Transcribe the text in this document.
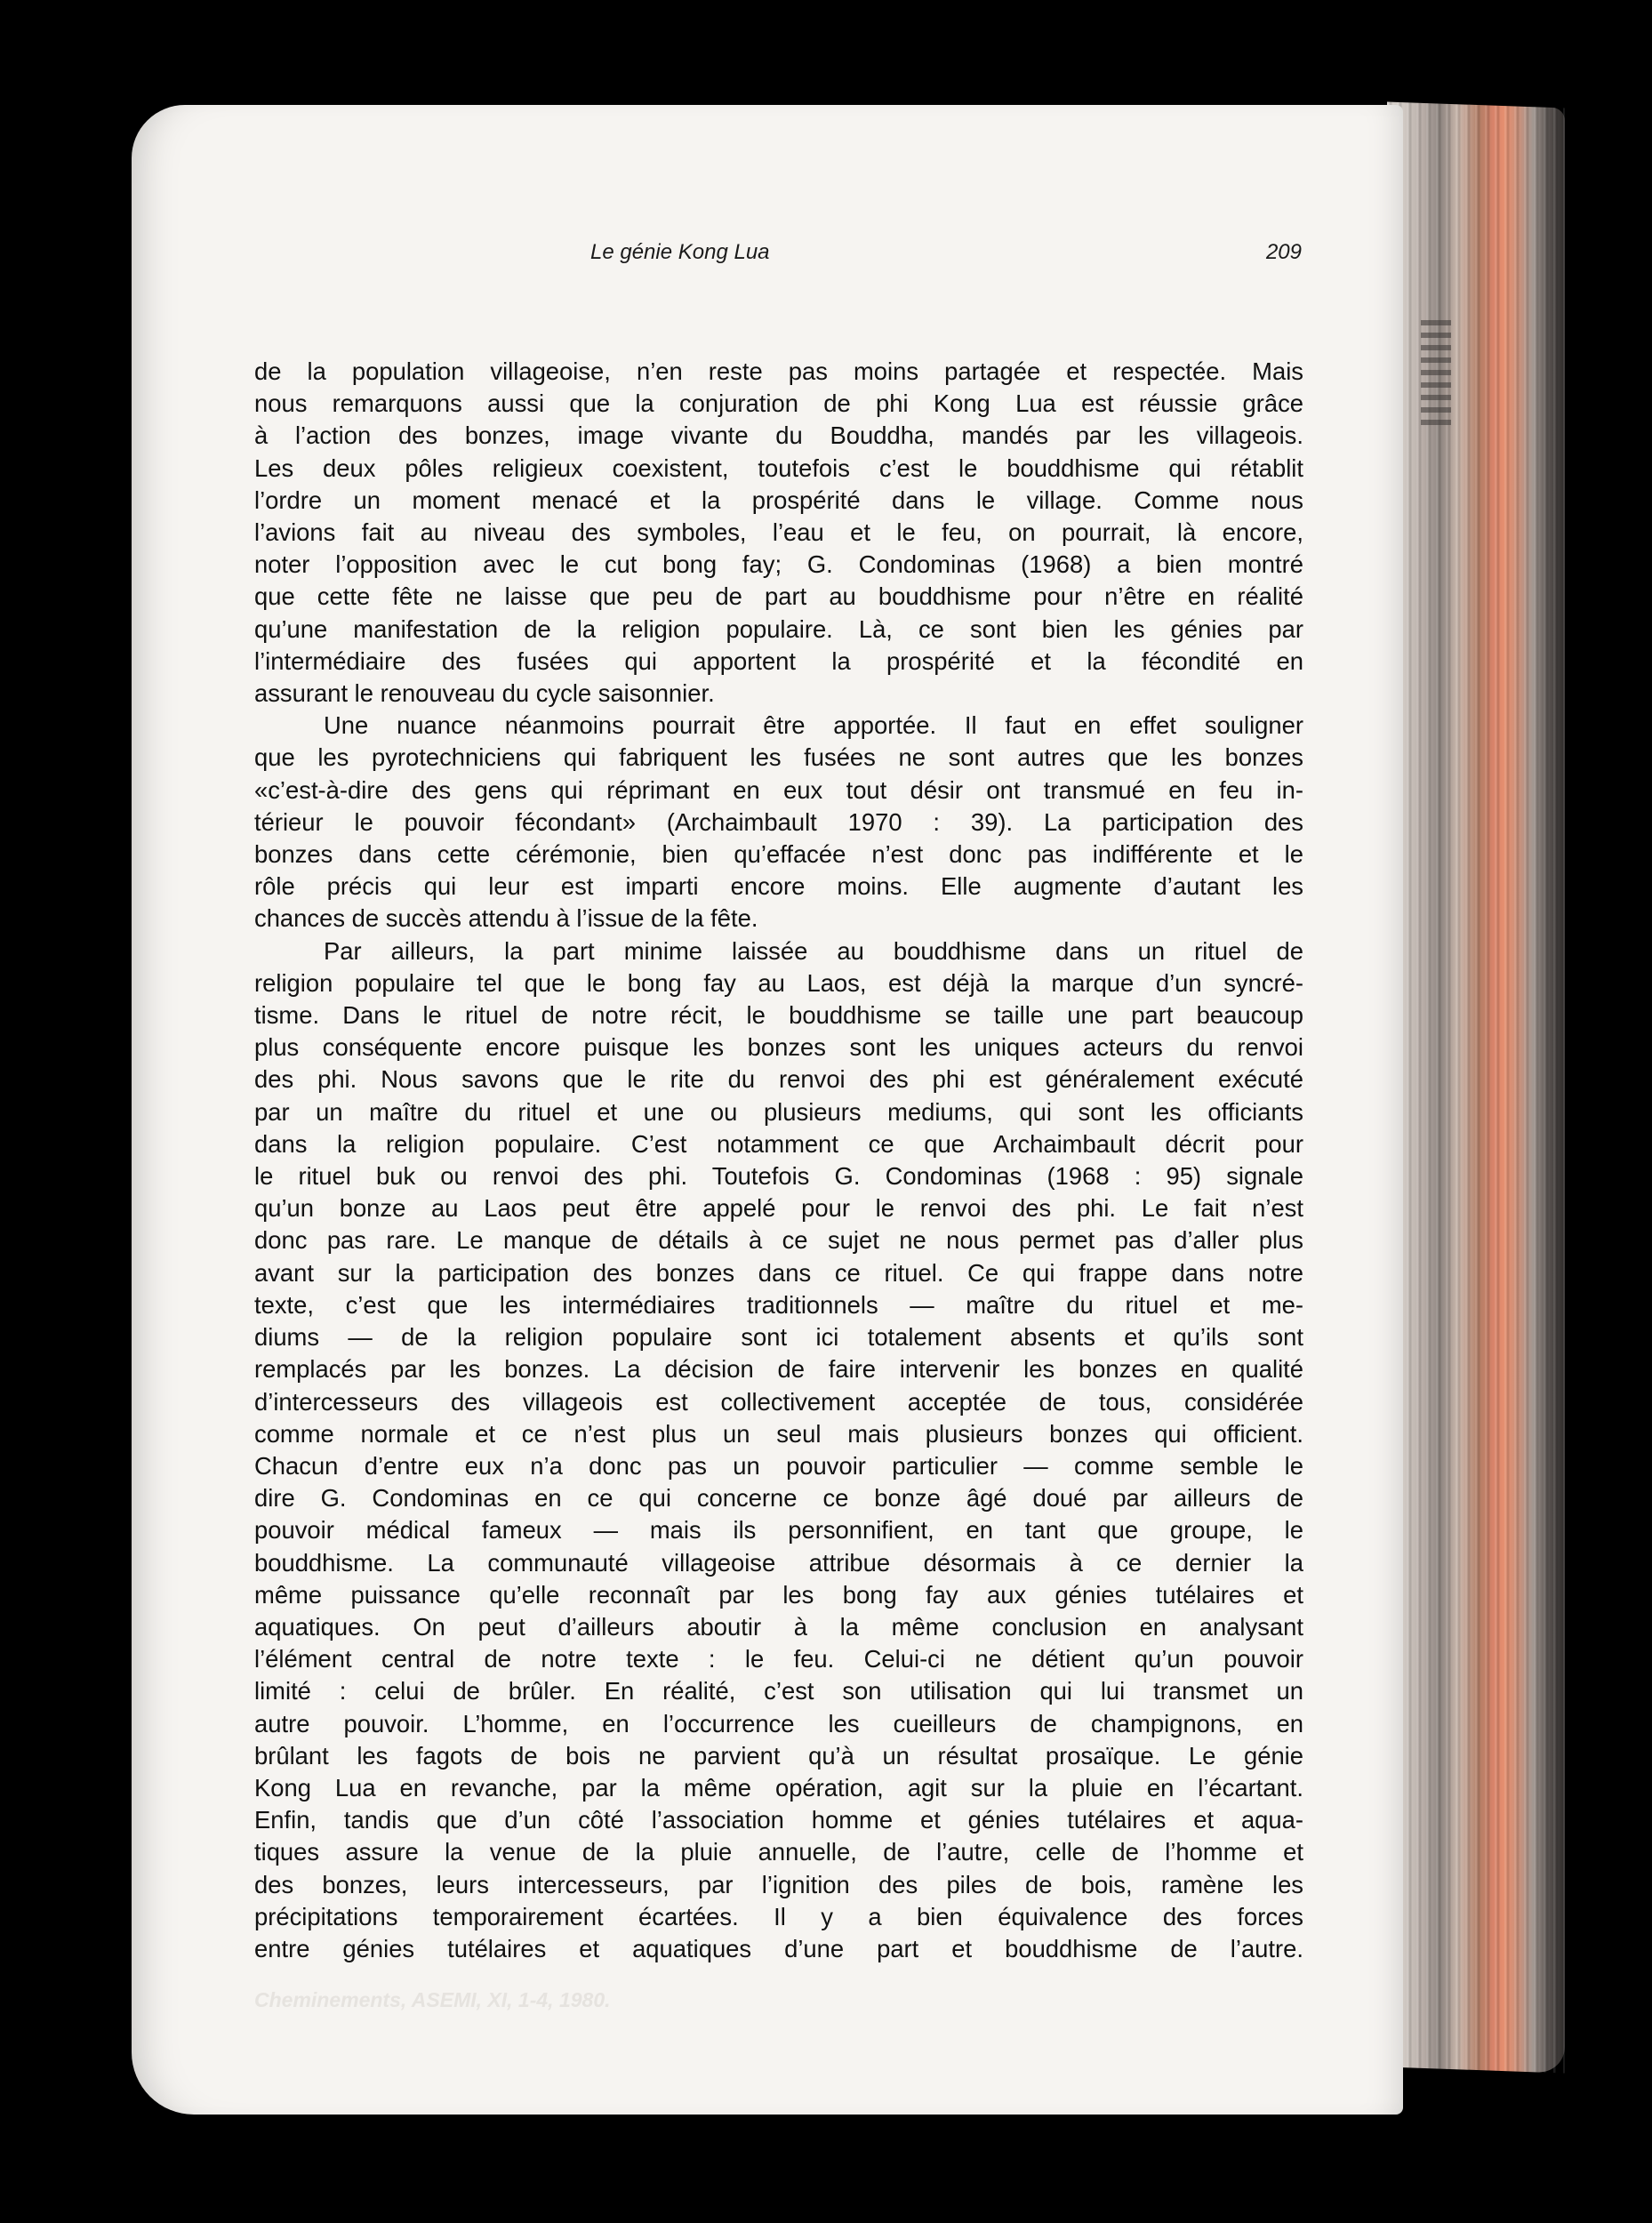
Le génie Kong Lua	209
de la population villageoise, n’en reste pas moins partagée et respectée. Mais
nous remarquons aussi que la conjuration de phi Kong Lua est réussie grâce
à l’action des bonzes, image vivante du Bouddha, mandés par les villageois.
Les deux pôles religieux coexistent, toutefois c’est le bouddhisme qui rétablit
l’ordre un moment menacé et la prospérité dans le village. Comme nous
l’avions fait au niveau des symboles, l’eau et le feu, on pourrait, là encore,
noter l’opposition avec le cut bong fay; G. Condominas (1968) a bien montré
que cette fête ne laisse que peu de part au bouddhisme pour n’être en réalité
qu’une manifestation de la religion populaire. Là, ce sont bien les génies par
l’intermédiaire des fusées qui apportent la prospérité et la fécondité en
assurant le renouveau du cycle saisonnier.
Une nuance néanmoins pourrait être apportée. Il faut en effet souligner
que les pyrotechniciens qui fabriquent les fusées ne sont autres que les bonzes
«c’est-à-dire des gens qui réprimant en eux tout désir ont transmué en feu in-
térieur le pouvoir fécondant» (Archaimbault 1970 : 39). La participation des
bonzes dans cette cérémonie, bien qu’effacée n’est donc pas indifférente et le
rôle précis qui leur est imparti encore moins. Elle augmente d’autant les
chances de succès attendu à l’issue de la fête.
Par ailleurs, la part minime laissée au bouddhisme dans un rituel de
religion populaire tel que le bong fay au Laos, est déjà la marque d’un syncré-
tisme. Dans le rituel de notre récit, le bouddhisme se taille une part beaucoup
plus conséquente encore puisque les bonzes sont les uniques acteurs du renvoi
des phi. Nous savons que le rite du renvoi des phi est généralement exécuté
par un maître du rituel et une ou plusieurs mediums, qui sont les officiants
dans la religion populaire. C’est notamment ce que Archaimbault décrit pour
le rituel buk ou renvoi des phi. Toutefois G. Condominas (1968 : 95) signale
qu’un bonze au Laos peut être appelé pour le renvoi des phi. Le fait n’est
donc pas rare. Le manque de détails à ce sujet ne nous permet pas d’aller plus
avant sur la participation des bonzes dans ce rituel. Ce qui frappe dans notre
texte, c’est que les intermédiaires traditionnels — maître du rituel et me-
diums — de la religion populaire sont ici totalement absents et qu’ils sont
remplacés par les bonzes. La décision de faire intervenir les bonzes en qualité
d’intercesseurs des villageois est collectivement acceptée de tous, considérée
comme normale et ce n’est plus un seul mais plusieurs bonzes qui officient.
Chacun d’entre eux n’a donc pas un pouvoir particulier — comme semble le
dire G. Condominas en ce qui concerne ce bonze âgé doué par ailleurs de
pouvoir médical fameux — mais ils personnifient, en tant que groupe, le
bouddhisme. La communauté villageoise attribue désormais à ce dernier la
même puissance qu’elle reconnaît par les bong fay aux génies tutélaires et
aquatiques. On peut d’ailleurs aboutir à la même conclusion en analysant
l’élément central de notre texte : le feu. Celui-ci ne détient qu’un pouvoir
limité : celui de brûler. En réalité, c’est son utilisation qui lui transmet un
autre pouvoir. L’homme, en l’occurrence les cueilleurs de champignons, en
brûlant les fagots de bois ne parvient qu’à un résultat prosaïque. Le génie
Kong Lua en revanche, par la même opération, agit sur la pluie en l’écartant.
Enfin, tandis que d’un côté l’association homme et génies tutélaires et aqua-
tiques assure la venue de la pluie annuelle, de l’autre, celle de l’homme et
des bonzes, leurs intercesseurs, par l’ignition des piles de bois, ramène les
précipitations temporairement écartées. Il y a bien équivalence des forces
entre génies tutélaires et aquatiques d’une part et bouddhisme de l’autre.
Cheminements, ASEMI, XI, 1-4, 1980.
